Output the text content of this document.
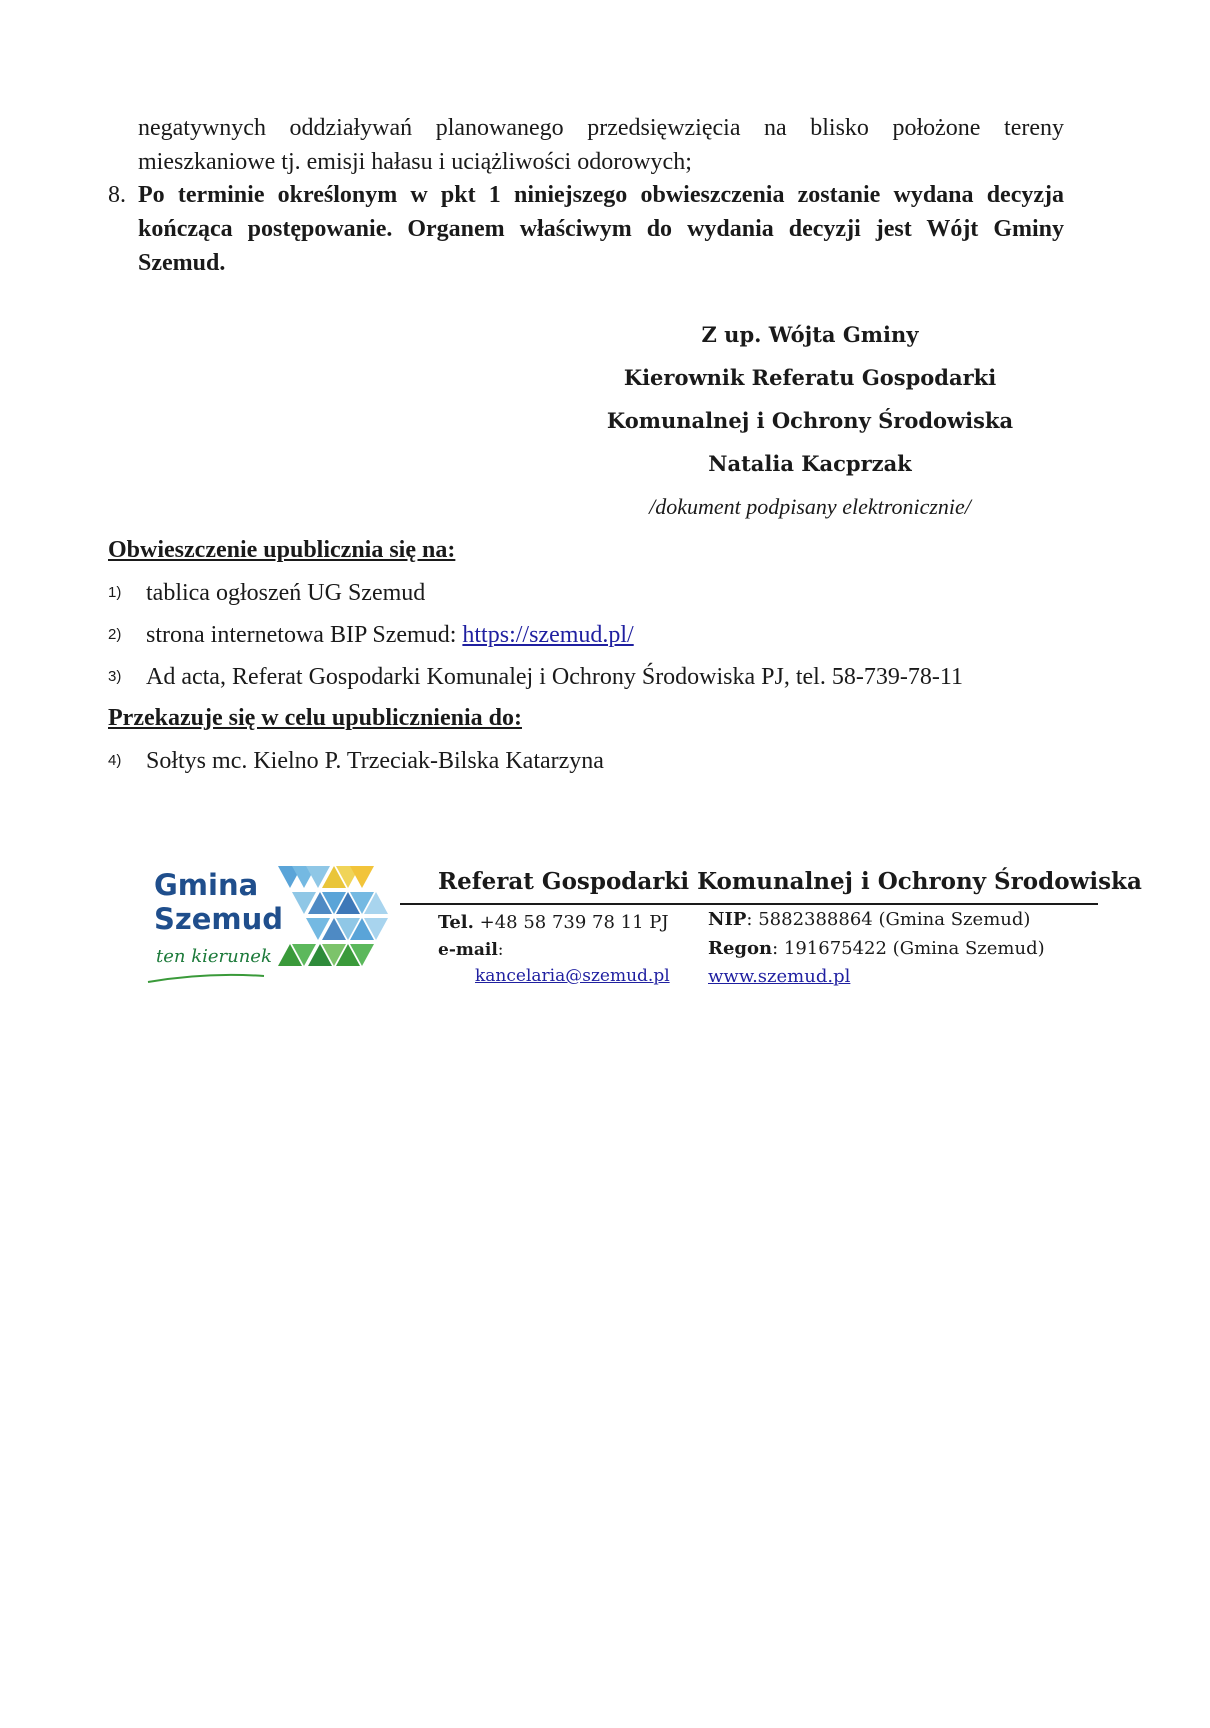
negatywnych oddziaływań planowanego przedsięwzięcia na blisko położone tereny
mieszkaniowe tj. emisji hałasu i uciążliwości odorowych;
8. Po terminie określonym w pkt 1 niniejszego obwieszczenia zostanie wydana decyzja
kończąca postępowanie. Organem właściwym do wydania decyzji jest Wójt Gminy
Szemud.
Z up. Wójta Gminy
Kierownik Referatu Gospodarki
Komunalnej i Ochrony Środowiska
Natalia Kacprzak
/dokument podpisany elektronicznie/
Obwieszczenie upublicznia się na:
1) tablica ogłoszeń UG Szemud
2) strona internetowa BIP Szemud: https://szemud.pl/
3) Ad acta, Referat Gospodarki Komunalej i Ochrony Środowiska PJ, tel. 58-739-78-11
Przekazuje się w celu upublicznienia do:
4) Sołtys mc. Kielno P. Trzeciak-Bilska Katarzyna
Gmina
Szemud
ten kierunek
Referat Gospodarki Komunalnej i Ochrony Środowiska
Tel. +48 58 739 78 11 PJ
e-mail:
kancelaria@szemud.pl
NIP: 5882388864 (Gmina Szemud)
Regon: 191675422 (Gmina Szemud)
www.szemud.pl
